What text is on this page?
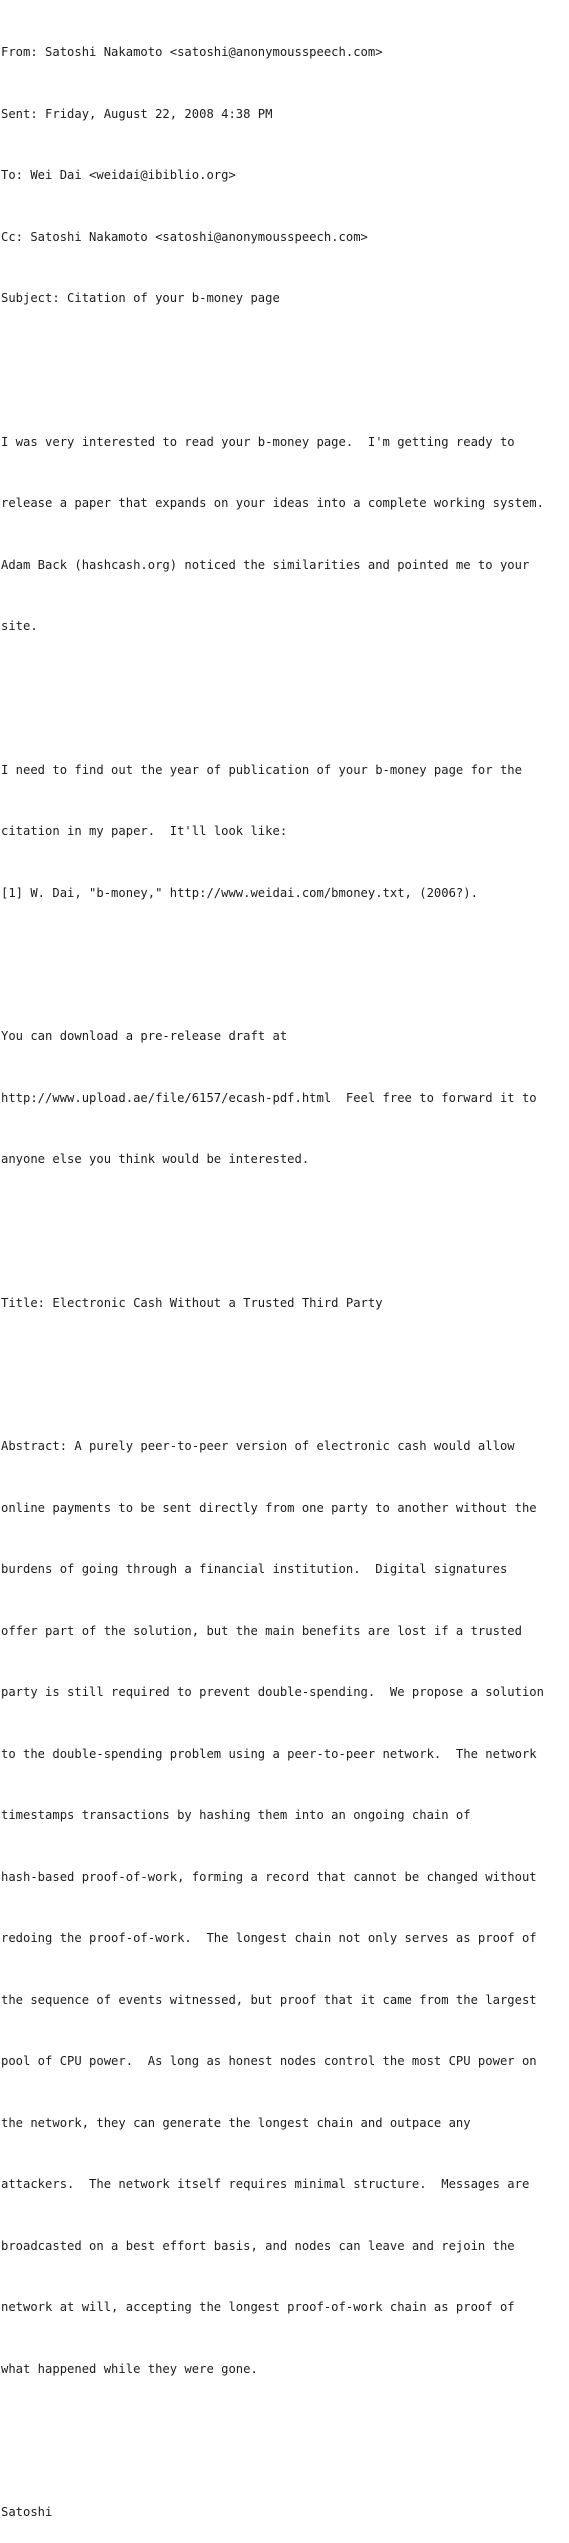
From: Satoshi Nakamoto <satoshi@anonymousspeech.com>

Sent: Friday, August 22, 2008 4:38 PM

To: Wei Dai <weidai@ibiblio.org>

Cc: Satoshi Nakamoto <satoshi@anonymousspeech.com>

Subject: Citation of your b-money page

I was very interested to read your b-money page.  I'm getting ready to

release a paper that expands on your ideas into a complete working system.

Adam Back (hashcash.org) noticed the similarities and pointed me to your

site.

I need to find out the year of publication of your b-money page for the

citation in my paper.  It'll look like:

[1] W. Dai, "b-money," http://www.weidai.com/bmoney.txt, (2006?).

You can download a pre-release draft at

http://www.upload.ae/file/6157/ecash-pdf.html  Feel free to forward it to

anyone else you think would be interested.

Title: Electronic Cash Without a Trusted Third Party

Abstract: A purely peer-to-peer version of electronic cash would allow

online payments to be sent directly from one party to another without the

burdens of going through a financial institution.  Digital signatures

offer part of the solution, but the main benefits are lost if a trusted

party is still required to prevent double-spending.  We propose a solution

to the double-spending problem using a peer-to-peer network.  The network

timestamps transactions by hashing them into an ongoing chain of

hash-based proof-of-work, forming a record that cannot be changed without

redoing the proof-of-work.  The longest chain not only serves as proof of

the sequence of events witnessed, but proof that it came from the largest

pool of CPU power.  As long as honest nodes control the most CPU power on

the network, they can generate the longest chain and outpace any

attackers.  The network itself requires minimal structure.  Messages are

broadcasted on a best effort basis, and nodes can leave and rejoin the

network at will, accepting the longest proof-of-work chain as proof of

what happened while they were gone.

Satoshi
